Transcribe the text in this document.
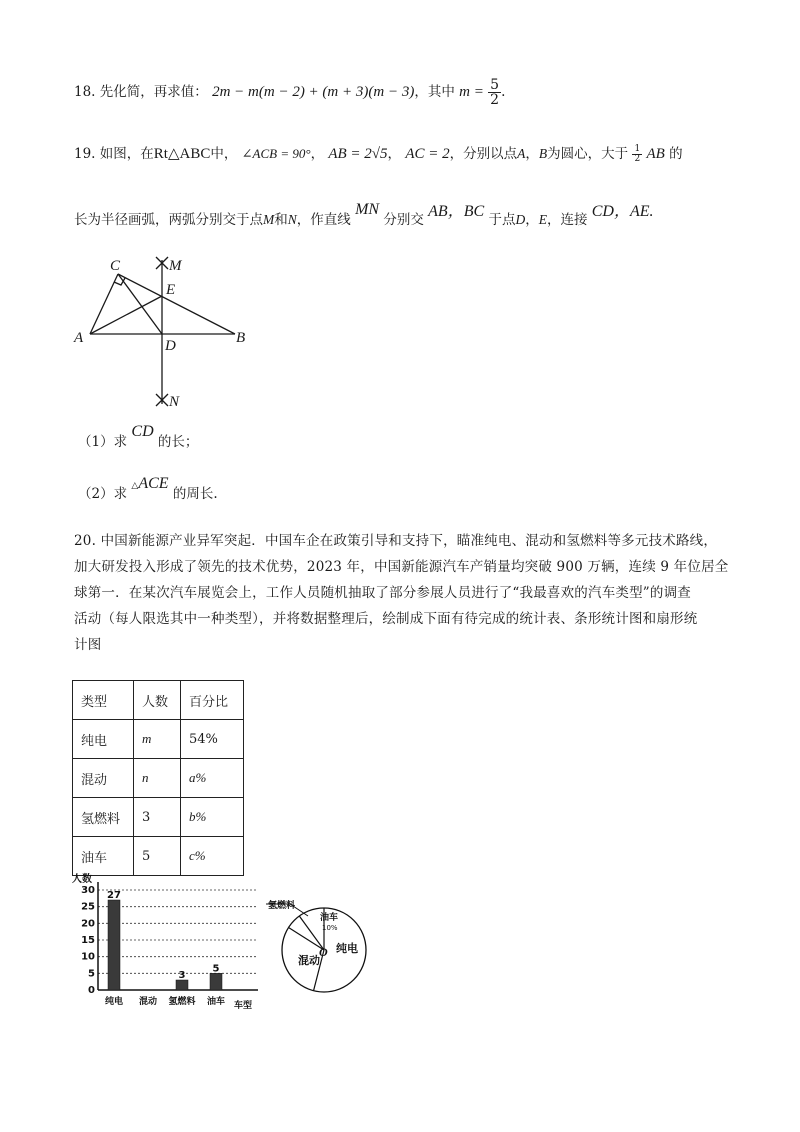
18. 先化简，再求值： 2m − m(m − 2) + (m + 3)(m − 3)，其中 $m = \frac{5}{2}$ .
19. 如图，在Rt△ΑBC中， ∠ACB = 90°， AB = 2√5， AC = 2，分别以点A，B为圆心，大于 $\frac{1}{2}$ AB 的
长为半径画弧，两弧分别交于点M和N，作直线 MN 分别交 AB，BC 于点D，E，连接 CD，AE.
C	M
E
A	D	B
N
（1）求 CD 的长；
（2）求 △ACE 的周长.
20. 中国新能源产业异军突起．中国车企在政策引导和支持下，瞄准纯电、混动和氢燃料等多元技术路线，
加大研发投入形成了领先的技术优势，2023 年，中国新能源汽车产销量均突破 900 万辆，连续 9 年位居全
球第一．在某次汽车展览会上，工作人员随机抽取了部分参展人员进行了“我最喜欢的汽车类型”的调查
活动（每人限选其中一种类型），并将数据整理后，绘制成下面有待完成的统计表、条形统计图和扇形统
计图
类型	人数	百分比
纯电	m	54%
混动	n	a%
氢燃料	3	b%
油车	5	c%
人数
车型
0
5
10
15
20
25
30 27
纯电 混动
3
氢燃料
5
油车
纯电
混动
氢燃料
油车
10%
O
